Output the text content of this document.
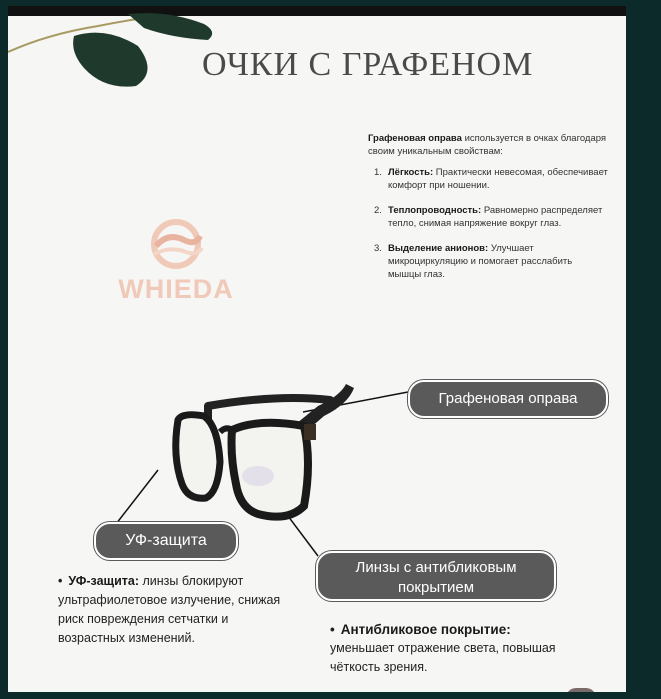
ОЧКИ С ГРАФЕНОМ
WHIEDA

Графеновая оправа используется в очках благодаря своим уникальным свойствам:

1. Лёгкость: Практически невесомая, обеспечивает комфорт при ношении.
2. Теплопроводность: Равномерно распределяет тепло, снимая напряжение вокруг глаз.
3. Выделение анионов: Улучшает микроциркуляцию и помогает расслабить мышцы глаз.
Графеновая оправа
УФ-защита
Линзы с антибликовым
покрытием
• УФ-защита: линзы блокируют ультрафиолетовое излучение, снижая риск повреждения сетчатки и возрастных изменений.
• Антибликовое покрытие:
уменьшает отражение света, повышая чёткость зрения.
